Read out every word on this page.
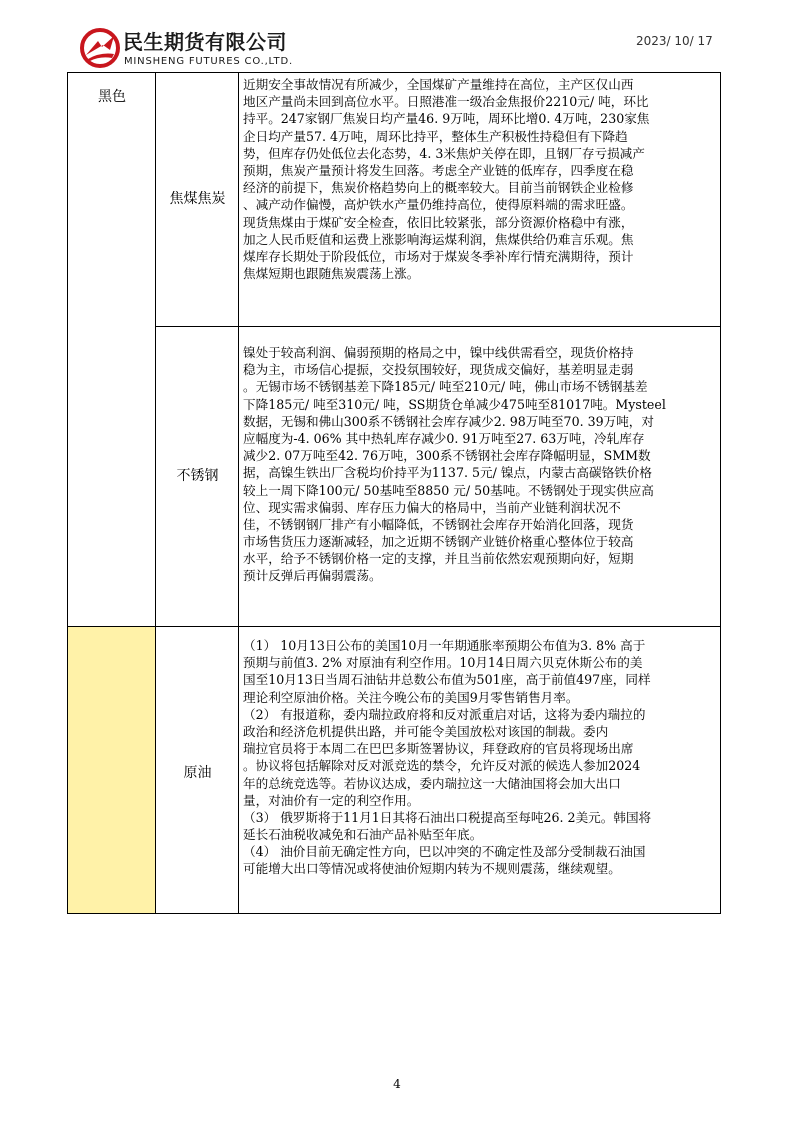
民生期货有限公司
MINSHENG FUTURES CO.,LTD.
2023/ 10/ 17
黑色
焦煤焦炭
近期安全事故情况有所减少，全国煤矿产量维持在高位，主产区仅山西
地区产量尚未回到高位水平。日照港准一级冶金焦报价2210元/ 吨，环比
持平。247家钢厂焦炭日均产量46. 9万吨，周环比增0. 4万吨，230家焦
企日均产量57. 4万吨，周环比持平，整体生产积极性持稳但有下降趋
势，但库存仍处低位去化态势，4. 3米焦炉关停在即，且钢厂存亏损减产
预期，焦炭产量预计将发生回落。考虑全产业链的低库存，四季度在稳
经济的前提下，焦炭价格趋势向上的概率较大。目前当前钢铁企业检修
、减产动作偏慢，高炉铁水产量仍维持高位，使得原料端的需求旺盛。
现货焦煤由于煤矿安全检查，依旧比较紧张，部分资源价格稳中有涨，
加之人民币贬值和运费上涨影响海运煤利润，焦煤供给仍难言乐观。焦
煤库存长期处于阶段低位，市场对于煤炭冬季补库行情充满期待，预计
焦煤短期也跟随焦炭震荡上涨。
不锈钢
镍处于较高利润、偏弱预期的格局之中，镍中线供需看空，现货价格持
稳为主，市场信心提振，交投氛围较好，现货成交偏好，基差明显走弱
。无锡市场不锈钢基差下降185元/ 吨至210元/ 吨，佛山市场不锈钢基差
下降185元/ 吨至310元/ 吨，SS期货仓单减少475吨至81017吨。Mysteel
数据，无锡和佛山300系不锈钢社会库存减少2. 98万吨至70. 39万吨，对
应幅度为-4. 06% 其中热轧库存减少0. 91万吨至27. 63万吨，冷轧库存
减少2. 07万吨至42. 76万吨，300系不锈钢社会库存降幅明显，SMM数
据，高镍生铁出厂含税均价持平为1137. 5元/ 镍点，内蒙古高碳铬铁价格
较上一周下降100元/ 50基吨至8850 元/ 50基吨。不锈钢处于现实供应高
位、现实需求偏弱、库存压力偏大的格局中，当前产业链利润状况不
佳，不锈钢钢厂排产有小幅降低，不锈钢社会库存开始消化回落，现货
市场售货压力逐渐减轻，加之近期不锈钢产业链价格重心整体位于较高
水平，给予不锈钢价格一定的支撑，并且当前依然宏观预期向好，短期
预计反弹后再偏弱震荡。
原油
（1） 10月13日公布的美国10月一年期通胀率预期公布值为3. 8% 高于
预期与前值3. 2% 对原油有利空作用。10月14日周六贝克休斯公布的美
国至10月13日当周石油钻井总数公布值为501座，高于前值497座，同样
理论利空原油价格。关注今晚公布的美国9月零售销售月率。
（2） 有报道称，委内瑞拉政府将和反对派重启对话，这将为委内瑞拉的
政治和经济危机提供出路，并可能令美国放松对该国的制裁。委内
瑞拉官员将于本周二在巴巴多斯签署协议，拜登政府的官员将现场出席
。协议将包括解除对反对派竞选的禁令，允许反对派的候选人参加2024
年的总统竞选等。若协议达成，委内瑞拉这一大储油国将会加大出口
量，对油价有一定的利空作用。
（3） 俄罗斯将于11月1日其将石油出口税提高至每吨26. 2美元。韩国将
延长石油税收减免和石油产品补贴至年底。
（4） 油价目前无确定性方向，巴以冲突的不确定性及部分受制裁石油国
可能增大出口等情况或将使油价短期内转为不规则震荡，继续观望。
4
